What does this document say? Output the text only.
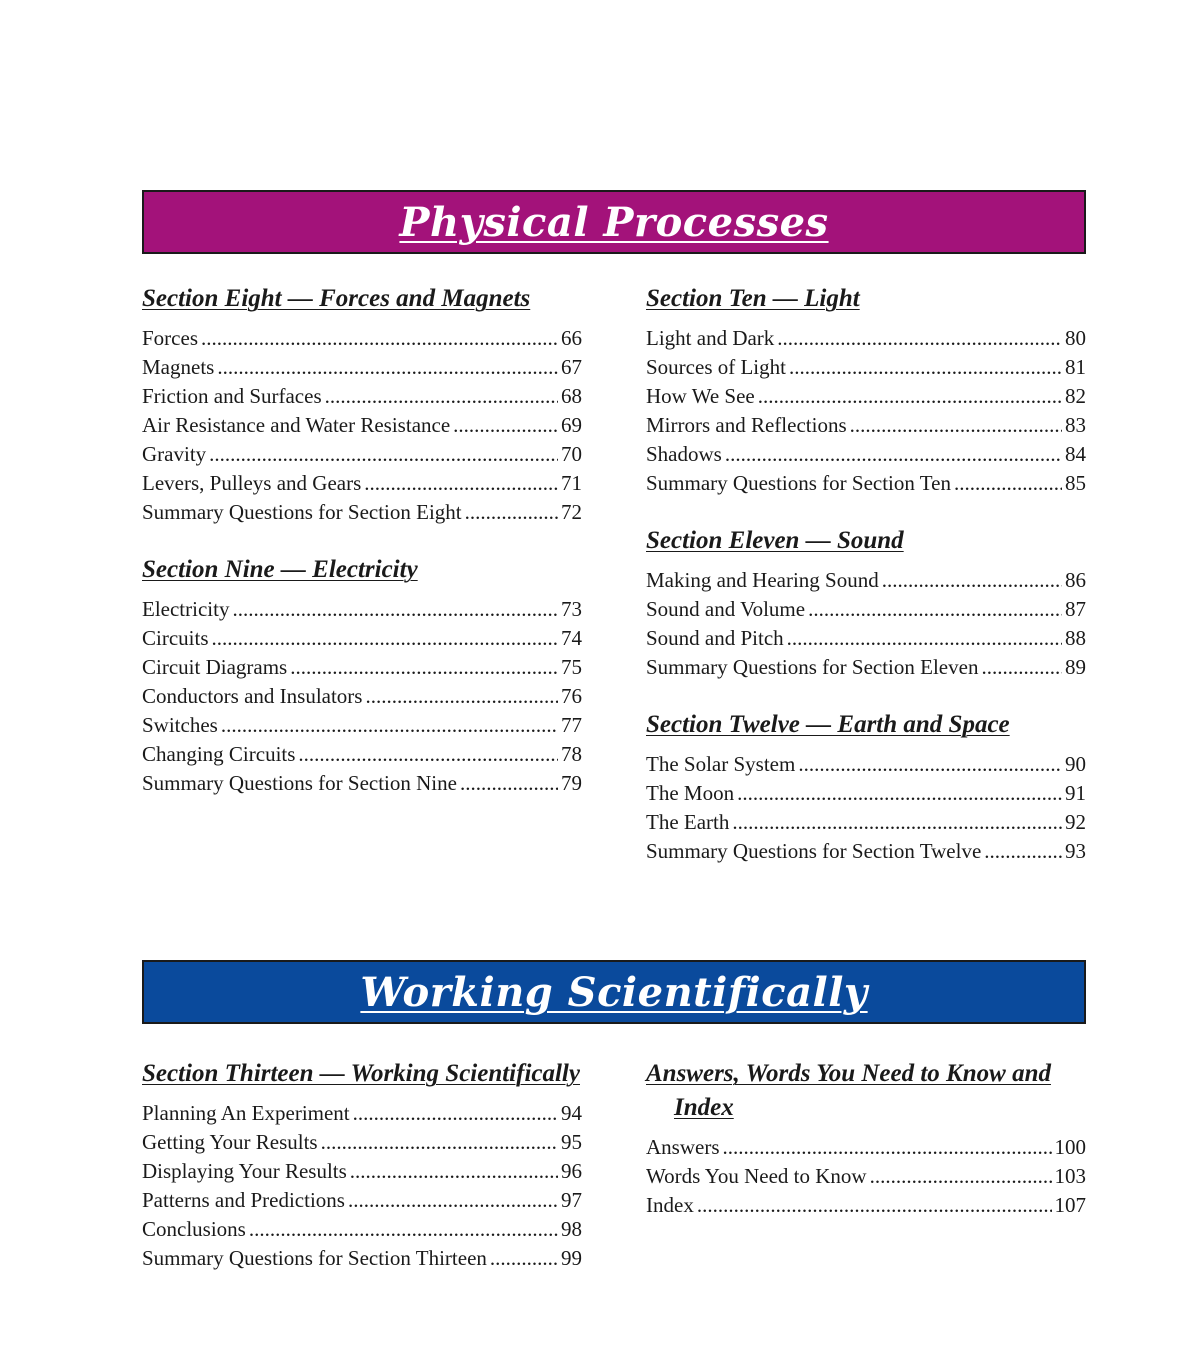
Physical Processes
Section Eight — Forces and Magnets
Forces .....	66
Magnets .....	67
Friction and Surfaces .....	68
Air Resistance and Water Resistance .....	69
Gravity .....	70
Levers, Pulleys and Gears .....	71
Summary Questions for Section Eight .....	72
Section Nine — Electricity
Electricity .....	73
Circuits .....	74
Circuit Diagrams .....	75
Conductors and Insulators .....	76
Switches .....	77
Changing Circuits .....	78
Summary Questions for Section Nine .....	79
Section Ten — Light
Light and Dark .....	80
Sources of Light .....	81
How We See .....	82
Mirrors and Reflections .....	83
Shadows .....	84
Summary Questions for Section Ten .....	85
Section Eleven — Sound
Making and Hearing Sound .....	86
Sound and Volume .....	87
Sound and Pitch .....	88
Summary Questions for Section Eleven .....	89
Section Twelve — Earth and Space
The Solar System .....	90
The Moon .....	91
The Earth .....	92
Summary Questions for Section Twelve .....	93
Working Scientifically
Section Thirteen — Working Scientifically
Planning An Experiment .....	94
Getting Your Results .....	95
Displaying Your Results .....	96
Patterns and Predictions .....	97
Conclusions .....	98
Summary Questions for Section Thirteen .....	99
Answers, Words You Need to Know and Index
Answers .....	100
Words You Need to Know .....	103
Index .....	107
